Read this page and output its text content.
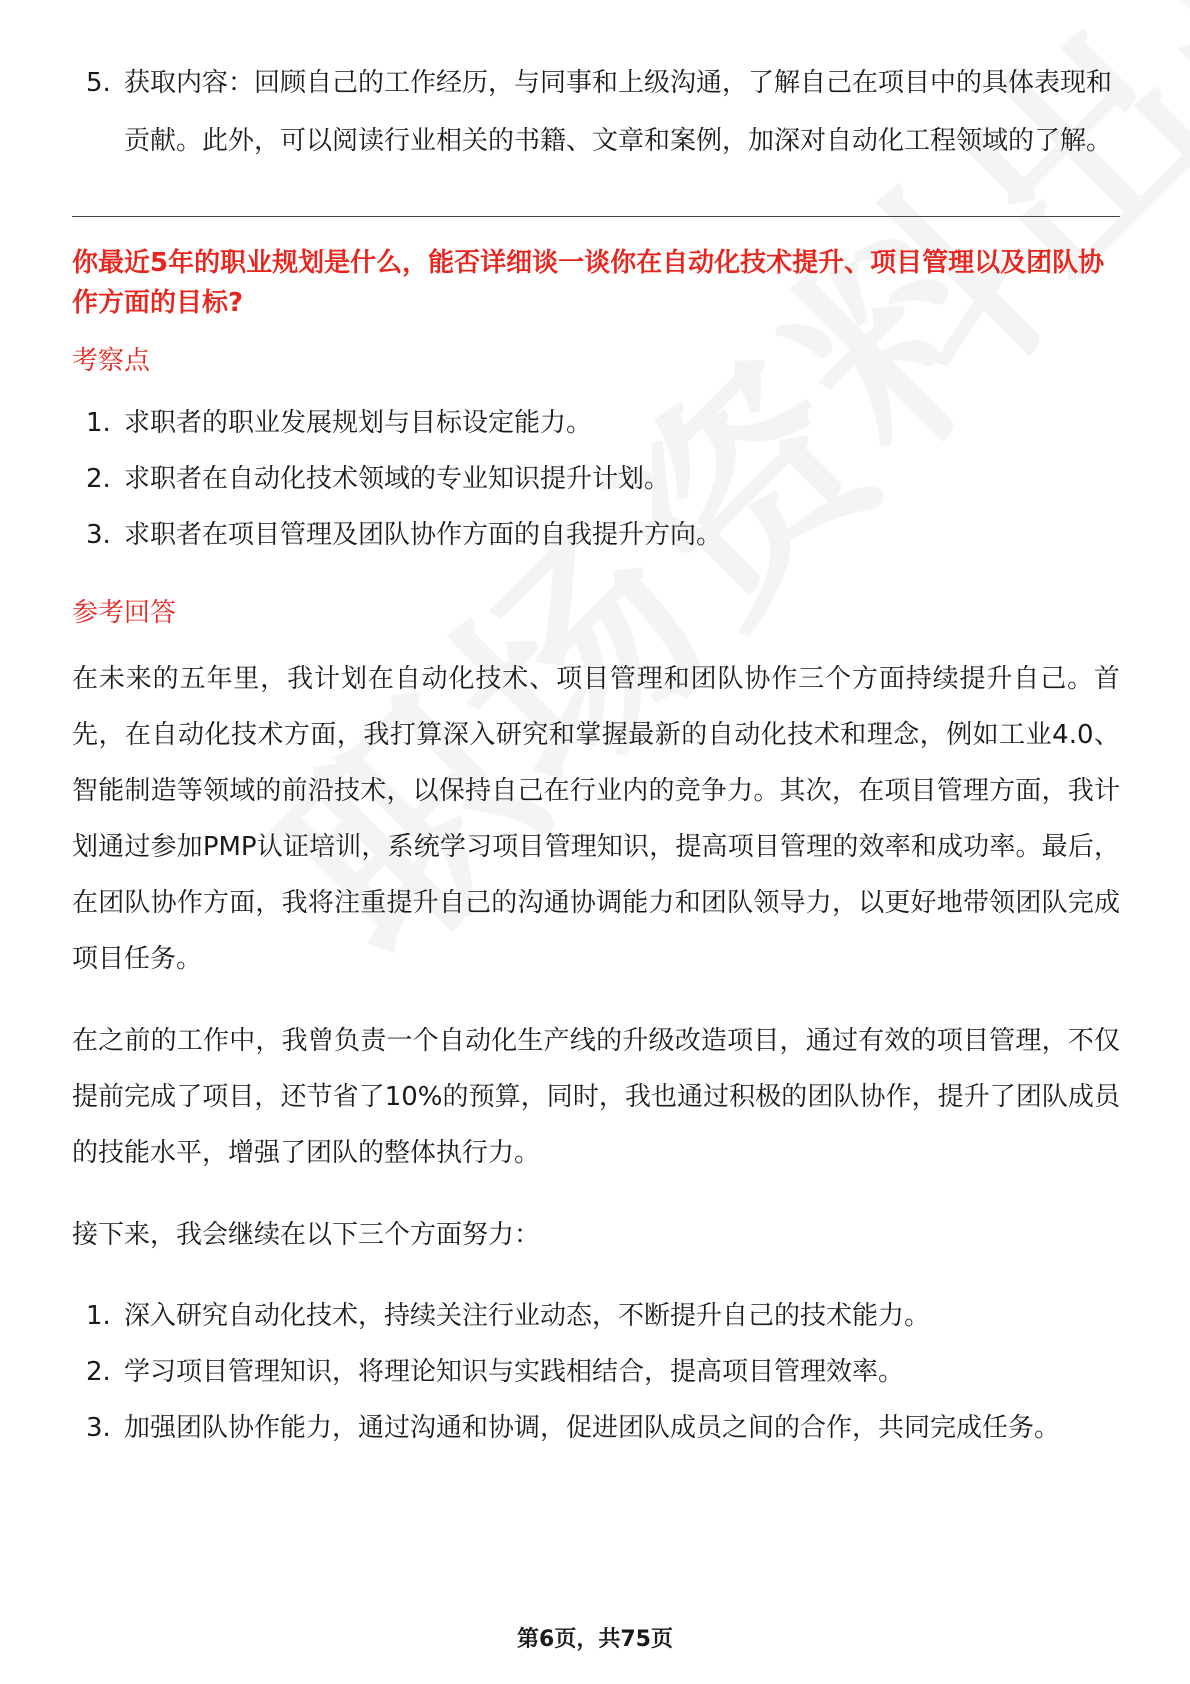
5. 获取内容：回顾自己的工作经历，与同事和上级沟通，了解自己在项目中的具体表现和贡献。此外，可以阅读行业相关的书籍、文章和案例，加深对自动化工程领域的了解。
你最近5年的职业规划是什么，能否详细谈一谈你在自动化技术提升、项目管理以及团队协作方面的目标?
考察点
1. 求职者的职业发展规划与目标设定能力。
2. 求职者在自动化技术领域的专业知识提升计划。
3. 求职者在项目管理及团队协作方面的自我提升方向。
参考回答

在未来的五年里，我计划在自动化技术、项目管理和团队协作三个方面持续提升自己。首先，在自动化技术方面，我打算深入研究和掌握最新的自动化技术和理念，例如工业4.0、智能制造等领域的前沿技术，以保持自己在行业内的竞争力。其次，在项目管理方面，我计划通过参加PMP认证培训，系统学习项目管理知识，提高项目管理的效率和成功率。最后，在团队协作方面，我将注重提升自己的沟通协调能力和团队领导力，以更好地带领团队完成项目任务。

在之前的工作中，我曾负责一个自动化生产线的升级改造项目，通过有效的项目管理，不仅提前完成了项目，还节省了10%的预算，同时，我也通过积极的团队协作，提升了团队成员的技能水平，增强了团队的整体执行力。

接下来，我会继续在以下三个方面努力：

1. 深入研究自动化技术，持续关注行业动态，不断提升自己的技术能力。
2. 学习项目管理知识，将理论知识与实践相结合，提高项目管理效率。
3. 加强团队协作能力，通过沟通和协调，促进团队成员之间的合作，共同完成任务。
第6页，共75页
